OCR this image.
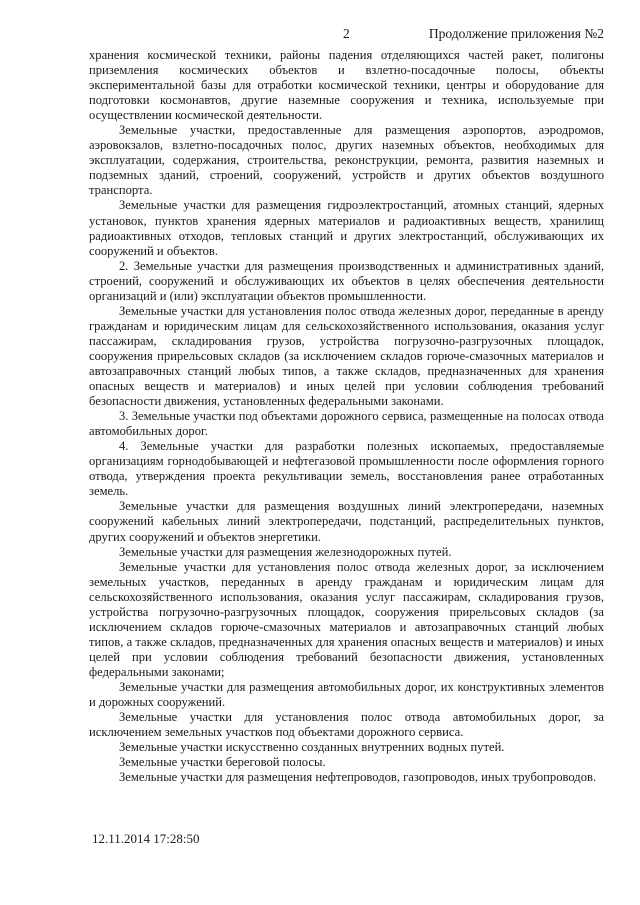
2	Продолжение приложения №2

хранения космической техники, районы падения отделяющихся частей ракет, полигоны приземления космических объектов и взлетно-посадочные полосы, объекты экспериментальной базы для отработки космической техники, центры и оборудование для подготовки космонавтов, другие наземные сооружения и техника, используемые при осуществлении космической деятельности.

Земельные участки, предоставленные для размещения аэропортов, аэродромов, аэровокзалов, взлетно-посадочных полос, других наземных объектов, необходимых для эксплуатации, содержания, строительства, реконструкции, ремонта, развития наземных и подземных зданий, строений, сооружений, устройств и других объектов воздушного транспорта.

Земельные участки для размещения гидроэлектростанций, атомных станций, ядерных установок, пунктов хранения ядерных материалов и радиоактивных веществ, хранилищ радиоактивных отходов, тепловых станций и других электростанций, обслуживающих их сооружений и объектов.

2. Земельные участки для размещения производственных и административных зданий, строений, сооружений и обслуживающих их объектов в целях обеспечения деятельности организаций и (или) эксплуатации объектов промышленности.

Земельные участки для установления полос отвода железных дорог, переданные в аренду гражданам и юридическим лицам для сельскохозяйственного использования, оказания услуг пассажирам, складирования грузов, устройства погрузочно-разгрузочных площадок, сооружения прирельсовых складов (за исключением складов горюче-смазочных материалов и автозаправочных станций любых типов, а также складов, предназначенных для хранения опасных веществ и материалов) и иных целей при условии соблюдения требований безопасности движения, установленных федеральными законами.

3. Земельные участки под объектами дорожного сервиса, размещенные на полосах отвода автомобильных дорог.

4. Земельные участки для разработки полезных ископаемых, предоставляемые организациям горнодобывающей и нефтегазовой промышленности после оформления горного отвода, утверждения проекта рекультивации земель, восстановления ранее отработанных земель.

Земельные участки для размещения воздушных линий электропередачи, наземных сооружений кабельных линий электропередачи, подстанций, распределительных пунктов, других сооружений и объектов энергетики.

Земельные участки для размещения железнодорожных путей.

Земельные участки для установления полос отвода железных дорог, за исключением земельных участков, переданных в аренду гражданам и юридическим лицам для сельскохозяйственного использования, оказания услуг пассажирам, складирования грузов, устройства погрузочно-разгрузочных площадок, сооружения прирельсовых складов (за исключением складов горюче-смазочных материалов и автозаправочных станций любых типов, а также складов, предназначенных для хранения опасных веществ и материалов) и иных целей при условии соблюдения требований безопасности движения, установленных федеральными законами;

Земельные участки для размещения автомобильных дорог, их конструктивных элементов и дорожных сооружений.

Земельные участки для установления полос отвода автомобильных дорог, за исключением земельных участков под объектами дорожного сервиса.

Земельные участки искусственно созданных внутренних водных путей.

Земельные участки береговой полосы.

Земельные участки для размещения нефтепроводов, газопроводов, иных трубопроводов.

12.11.2014 17:28:50
